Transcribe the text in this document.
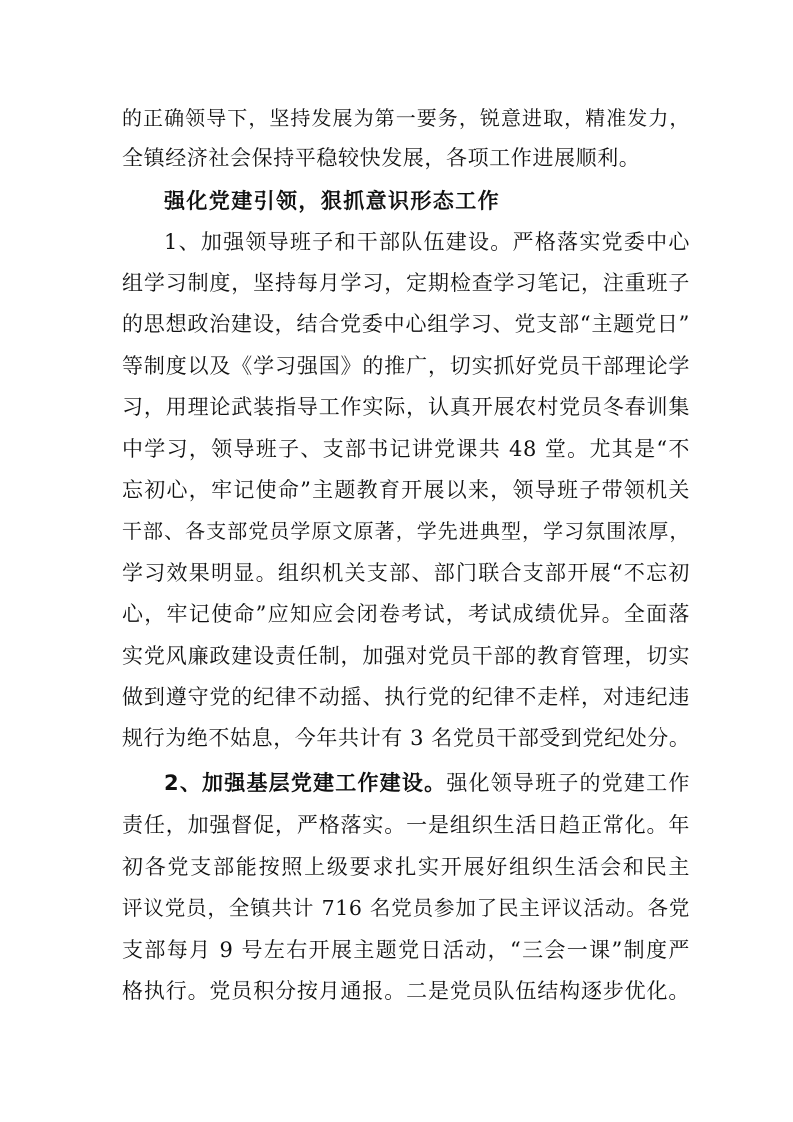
的正确领导下，坚持发展为第一要务，锐意进取，精准发力，

全镇经济社会保持平稳较快发展，各项工作进展顺利。

强化党建引领，狠抓意识形态工作

1、加强领导班子和干部队伍建设。严格落实党委中心

组学习制度，坚持每月学习，定期检查学习笔记，注重班子

的思想政治建设，结合党委中心组学习、党支部“主题党日”

等制度以及《学习强国》的推广，切实抓好党员干部理论学

习，用理论武装指导工作实际，认真开展农村党员冬春训集

中学习，领导班子、支部书记讲党课共 48 堂。尤其是“不

忘初心，牢记使命”主题教育开展以来，领导班子带领机关

干部、各支部党员学原文原著，学先进典型，学习氛围浓厚，

学习效果明显。组织机关支部、部门联合支部开展“不忘初

心，牢记使命”应知应会闭卷考试，考试成绩优异。全面落

实党风廉政建设责任制，加强对党员干部的教育管理，切实

做到遵守党的纪律不动摇、执行党的纪律不走样，对违纪违

规行为绝不姑息，今年共计有 3 名党员干部受到党纪处分。

2、加强基层党建工作建设。强化领导班子的党建工作

责任，加强督促，严格落实。一是组织生活日趋正常化。年

初各党支部能按照上级要求扎实开展好组织生活会和民主

评议党员，全镇共计 716 名党员参加了民主评议活动。各党

支部每月 9 号左右开展主题党日活动，“三会一课”制度严

格执行。党员积分按月通报。二是党员队伍结构逐步优化。
